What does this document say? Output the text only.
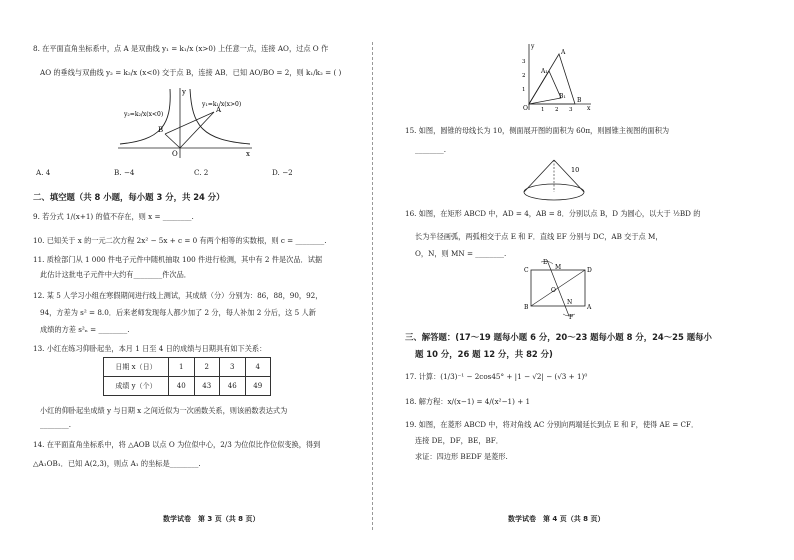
8. 在平面直角坐标系中，点 A 是双曲线 y₁ = k₁/x (x>0) 上任意一点，连接 AO，过点 O 作
AO 的垂线与双曲线 y₂ = k₂/x (x<0) 交于点 B，连接 AB．已知 AO/BO = 2，则 k₁/k₂ = ( )
y
x
O
A
B
y₂=k₂/x(x<0)
y₁=k₁/x(x>0)
A. 4	B. −4	C. 2	D. −2
二、填空题（共 8 小题，每小题 3 分，共 24 分）
9. 若分式 1/(x+1) 的值不存在，则 x = ________.
10. 已知关于 x 的一元二次方程 2x² − 5x + c = 0 有两个相等的实数根，则 c = ________.
11. 质检部门从 1 000 件电子元件中随机抽取 100 件进行检测，其中有 2 件是次品．试据
此估计这批电子元件中大约有________件次品．
12. 某 5 人学习小组在寒假期间进行线上测试，其成绩（分）分别为：86，88，90，92，
94，方差为 s² = 8.0．后来老师发现每人都少加了 2 分，每人补加 2 分后，这 5 人新
成绩的方差 s²ₙ = ________.
13. 小红在练习仰卧起坐，本月 1 日至 4 日的成绩与日期具有如下关系：
日期 x（日）	1	2	3	4
成绩 y（个）	40	43	46	49
小红的仰卧起坐成绩 y 与日期 x 之间近似为一次函数关系，则该函数表达式为
________.
14. 在平面直角坐标系中，将 △AOB 以点 O 为位似中心，2/3 为位似比作位似变换，得到
△A₁OB₁．已知 A(2,3)，则点 A₁ 的坐标是________.
数学试卷　第 3 页（共 8 页）
A
A₁
B
B₁
O
y
x
3
2
1
1 2 3
15. 如图，圆锥的母线长为 10，侧面展开图的面积为 60π，则圆锥主视图的面积为
________.
10
16. 如图，在矩形 ABCD 中，AD = 4，AB = 8．分别以点 B，D 为圆心，以大于 ½BD 的
长为半径画弧，两弧相交于点 E 和 F．直线 EF 分别与 DC，AB 交于点 M，
O，N，则 MN = ________.
C	D
B	A
E
F
M
O
N
三、解答题：(17～19 题每小题 6 分，20～23 题每小题 8 分，24～25 题每小
题 10 分，26 题 12 分，共 82 分)
17. 计算：(1/3)⁻¹ − 2cos45° + |1 − √2| − (√3 + 1)⁰
18. 解方程：x/(x−1) = 4/(x²−1) + 1
19. 如图，在菱形 ABCD 中，将对角线 AC 分别向两端延长到点 E 和 F，使得 AE = CF．
连接 DE，DF，BE，BF．
求证：四边形 BEDF 是菱形.
数学试卷　第 4 页（共 8 页）
